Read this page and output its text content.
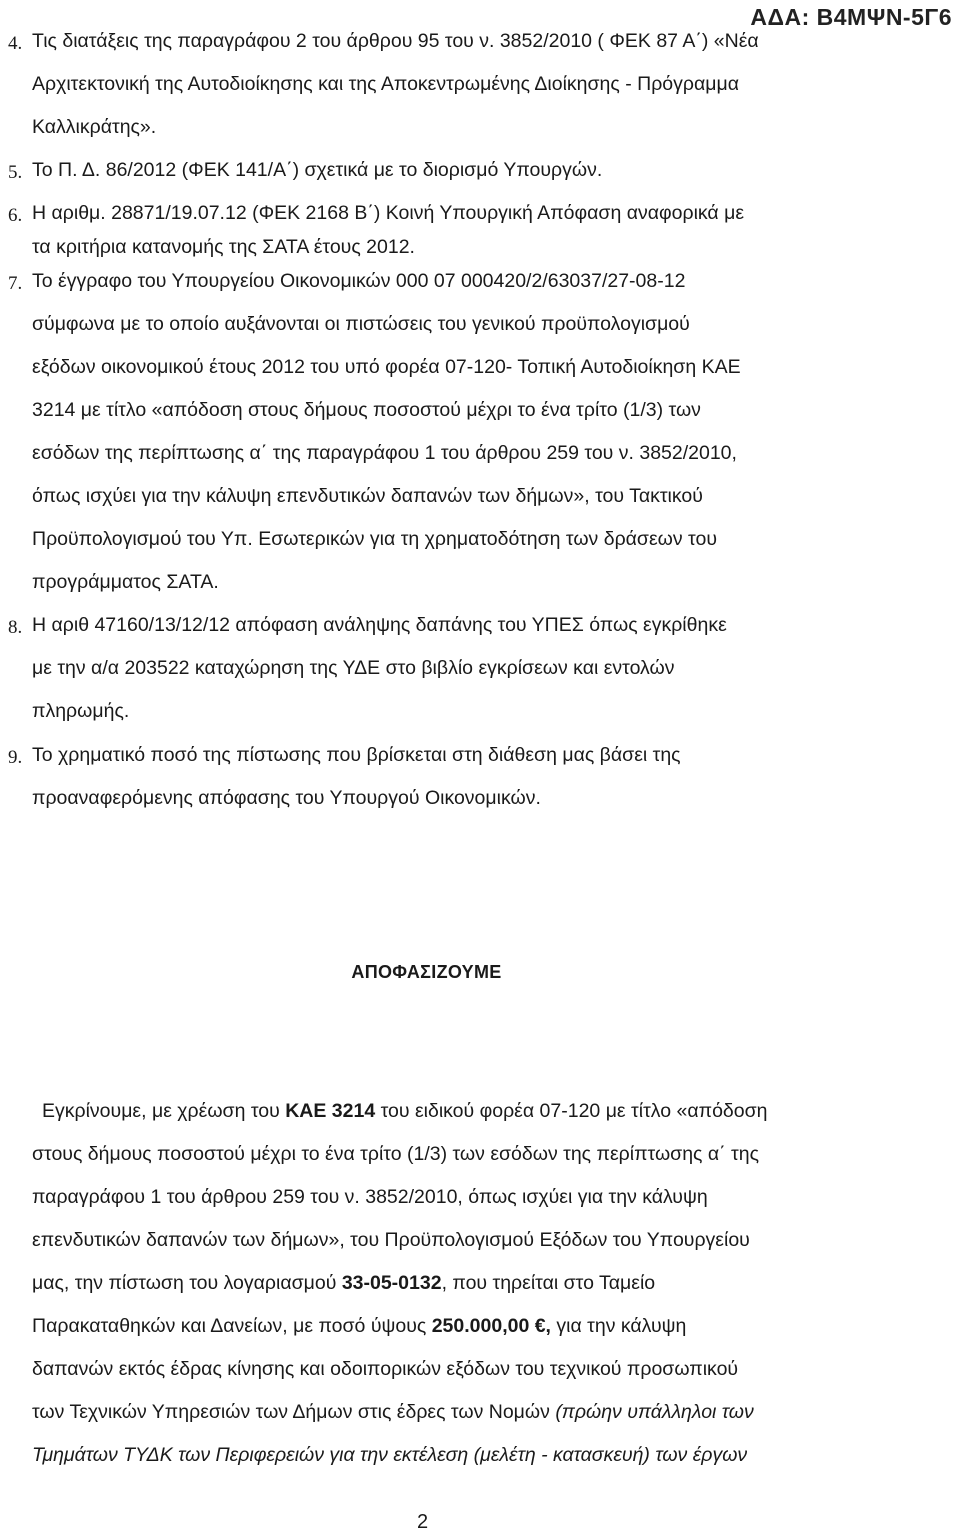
ΑΔΑ: Β4ΜΨΝ-5Γ6
4. Τις διατάξεις της παραγράφου 2 του άρθρου 95 του ν. 3852/2010 ( ΦΕΚ 87 Α΄) «Νέα
Αρχιτεκτονική της Αυτοδιοίκησης και της Αποκεντρωμένης Διοίκησης - Πρόγραμμα
Καλλικράτης».
5. Το Π. Δ. 86/2012 (ΦΕΚ 141/Α΄) σχετικά με το διορισμό Υπουργών.
6. Η αριθμ. 28871/19.07.12 (ΦΕΚ 2168 Β΄) Κοινή Υπουργική Απόφαση αναφορικά με
τα κριτήρια κατανομής της ΣΑΤΑ έτους 2012.
7. Το έγγραφο του Υπουργείου Οικονομικών 000 07 000420/2/63037/27-08-12
σύμφωνα με το οποίο αυξάνονται οι πιστώσεις του γενικού προϋπολογισμού
εξόδων οικονομικού έτους 2012 του υπό φορέα 07-120- Τοπική Αυτοδιοίκηση ΚΑΕ
3214 με τίτλο «απόδοση στους δήμους ποσοστού μέχρι το ένα τρίτο (1/3) των
εσόδων της περίπτωσης α΄ της παραγράφου 1 του άρθρου 259 του ν. 3852/2010,
όπως ισχύει για την κάλυψη επενδυτικών δαπανών των δήμων», του Τακτικού
Προϋπολογισμού του Υπ. Εσωτερικών για τη χρηματοδότηση των δράσεων του
προγράμματος ΣΑΤΑ.
8. Η αριθ 47160/13/12/12 απόφαση ανάληψης δαπάνης του ΥΠΕΣ όπως εγκρίθηκε
με την α/α 203522 καταχώρηση της ΥΔΕ στο βιβλίο εγκρίσεων και εντολών
πληρωμής.
9. Το χρηματικό ποσό της πίστωσης που βρίσκεται στη διάθεση μας βάσει της
προαναφερόμενης απόφασης του Υπουργού Οικονομικών.
ΑΠΟΦΑΣΙΖΟΥΜΕ
Εγκρίνουμε, με χρέωση του ΚΑΕ 3214 του ειδικού φορέα 07-120 με τίτλο «απόδοση
στους δήμους ποσοστού μέχρι το ένα τρίτο (1/3) των εσόδων της περίπτωσης α΄ της
παραγράφου 1 του άρθρου 259 του ν. 3852/2010, όπως ισχύει για την κάλυψη
επενδυτικών δαπανών των δήμων», του Προϋπολογισμού Εξόδων του Υπουργείου
μας, την πίστωση του λογαριασμού 33-05-0132, που τηρείται στο Ταμείο
Παρακαταθηκών και Δανείων, με ποσό ύψους 250.000,00 €, για την κάλυψη
δαπανών εκτός έδρας κίνησης και οδοιπορικών εξόδων του τεχνικού προσωπικού
των Τεχνικών Υπηρεσιών των Δήμων στις έδρες των Νομών (πρώην υπάλληλοι των
Τμημάτων ΤΥΔΚ των Περιφερειών για την εκτέλεση (μελέτη - κατασκευή) των έργων
2
